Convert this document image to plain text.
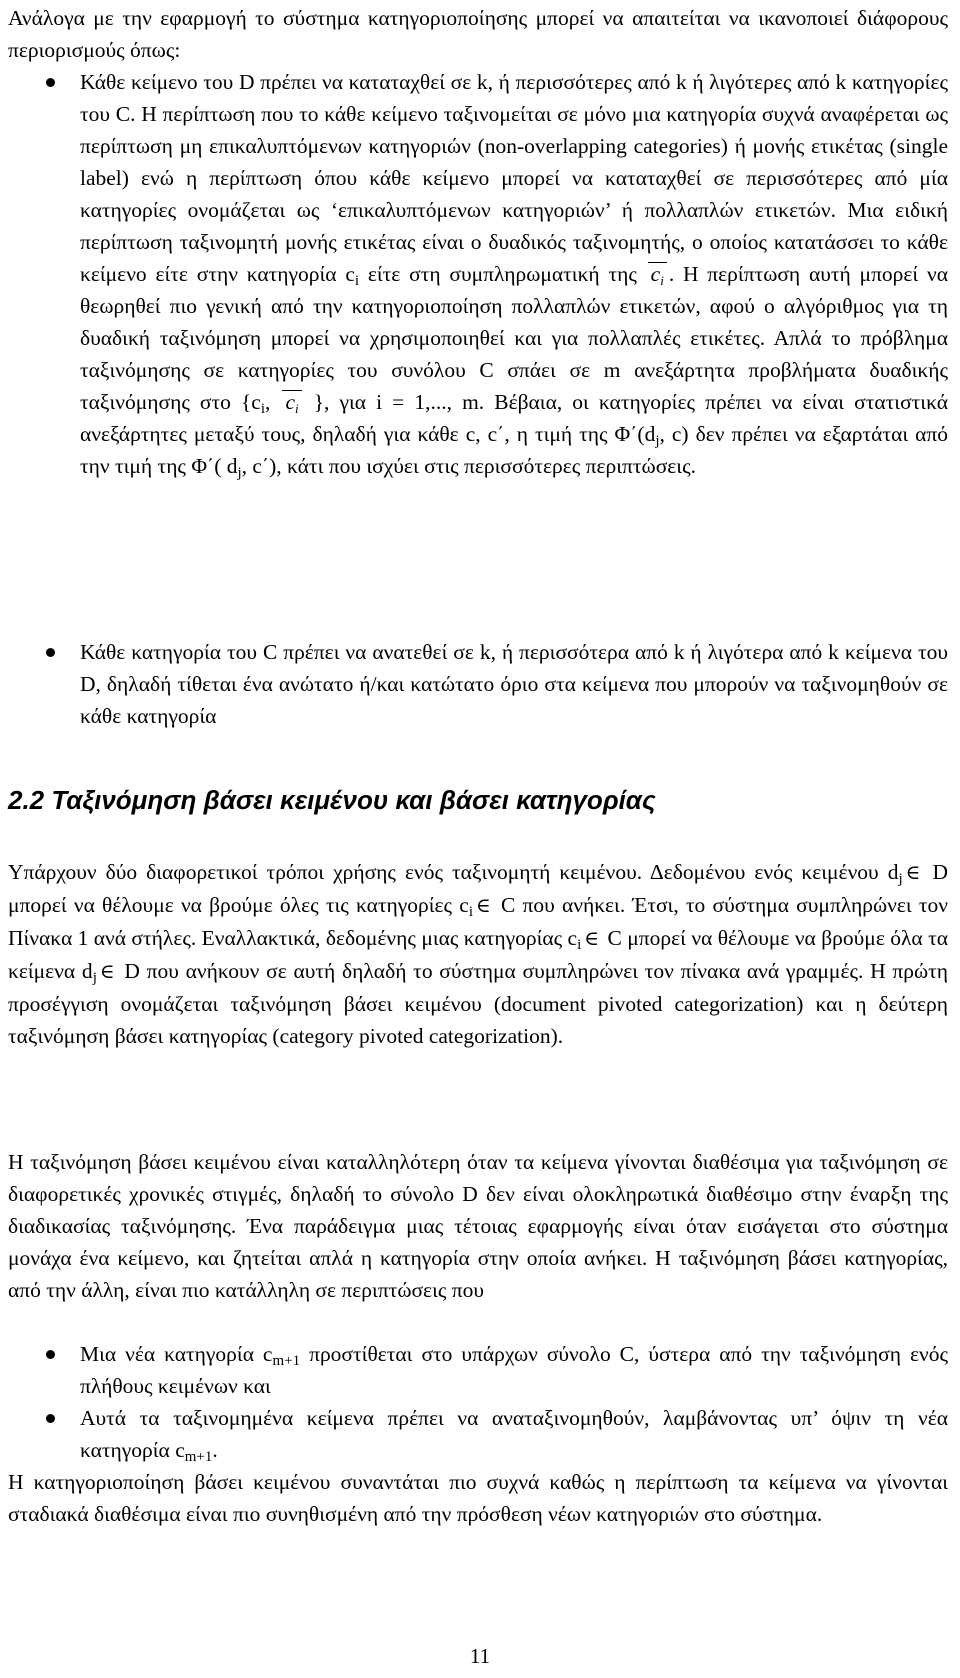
Ανάλογα με την εφαρμογή το σύστημα κατηγοριοποίησης μπορεί να απαιτείται να ικανοποιεί διάφορους περιορισμούς όπως:
Κάθε κείμενο του D πρέπει να καταταχθεί σε k, ή περισσότερες από k ή λιγότερες από k κατηγορίες του C. Η περίπτωση που το κάθε κείμενο ταξινομείται σε μόνο μια κατηγορία συχνά αναφέρεται ως περίπτωση μη επικαλυπτόμενων κατηγοριών (non-overlapping categories) ή μονής ετικέτας (single label) ενώ η περίπτωση όπου κάθε κείμενο μπορεί να καταταχθεί σε περισσότερες από μία κατηγορίες ονομάζεται ως ‘επικαλυπτόμενων κατηγοριών’ ή πολλαπλών ετικετών. Μια ειδική περίπτωση ταξινομητή μονής ετικέτας είναι ο δυαδικός ταξινομητής, ο οποίος κατατάσσει το κάθε κείμενο είτε στην κατηγορία $c_i$ είτε στη συμπληρωματική της $c_i$ . Η περίπτωση αυτή μπορεί να θεωρηθεί πιο γενική από την κατηγοριοποίηση πολλαπλών ετικετών, αφού ο αλγόριθμος για τη δυαδική ταξινόμηση μπορεί να χρησιμοποιηθεί και για πολλαπλές ετικέτες. Απλά το πρόβλημα ταξινόμησης σε κατηγορίες του συνόλου C σπάει σε m ανεξάρτητα προβλήματα δυαδικής ταξινόμησης στο {$c_i$, $c_i$ }, για i = 1,..., m. Βέβαια, οι κατηγορίες πρέπει να είναι στατιστικά ανεξάρτητες μεταξύ τους, δηλαδή για κάθε c, c΄, η τιμή της $\Phi΄(d_j$, c) δεν πρέπει να εξαρτάται από την τιμή της Φ΄( $d_j$, c΄), κάτι που ισχύει στις περισσότερες περιπτώσεις.
Κάθε κατηγορία του C πρέπει να ανατεθεί σε k, ή περισσότερα από k ή λιγότερα από k κείμενα του D, δηλαδή τίθεται ένα ανώτατο ή/και κατώτατο όριο στα κείμενα που μπορούν να ταξινομηθούν σε κάθε κατηγορία
2.2 Ταξινόμηση βάσει κειμένου και βάσει κατηγορίας
Υπάρχουν δύο διαφορετικοί τρόποι χρήσης ενός ταξινομητή κειμένου. Δεδομένου ενός κειμένου $d_j$ ∈ D μπορεί να θέλουμε να βρούμε όλες τις κατηγορίες $c_i$ ∈ C που ανήκει. Έτσι, το σύστημα συμπληρώνει τον Πίνακα 1 ανά στήλες. Εναλλακτικά, δεδομένης μιας κατηγορίας $c_i$ ∈ C μπορεί να θέλουμε να βρούμε όλα τα κείμενα $d_j$ ∈ D που ανήκουν σε αυτή δηλαδή το σύστημα συμπληρώνει τον πίνακα ανά γραμμές. Η πρώτη προσέγγιση ονομάζεται ταξινόμηση βάσει κειμένου (document pivoted categorization) και η δεύτερη ταξινόμηση βάσει κατηγορίας (category pivoted categorization).
Η ταξινόμηση βάσει κειμένου είναι καταλληλότερη όταν τα κείμενα γίνονται διαθέσιμα για ταξινόμηση σε διαφορετικές χρονικές στιγμές, δηλαδή το σύνολο D δεν είναι ολοκληρωτικά διαθέσιμο στην έναρξη της διαδικασίας ταξινόμησης. Ένα παράδειγμα μιας τέτοιας εφαρμογής είναι όταν εισάγεται στο σύστημα μονάχα ένα κείμενο, και ζητείται απλά η κατηγορία στην οποία ανήκει. Η ταξινόμηση βάσει κατηγορίας, από την άλλη, είναι πιο κατάλληλη σε περιπτώσεις που
Μια νέα κατηγορία $c_{m+1}$ προστίθεται στο υπάρχων σύνολο C, ύστερα από την ταξινόμηση ενός πλήθους κειμένων και
Αυτά τα ταξινομημένα κείμενα πρέπει να αναταξινομηθούν, λαμβάνοντας υπ’ όψιν τη νέα κατηγορία $c_{m+1}$.
Η κατηγοριοποίηση βάσει κειμένου συναντάται πιο συχνά καθώς η περίπτωση τα κείμενα να γίνονται σταδιακά διαθέσιμα είναι πιο συνηθισμένη από την πρόσθεση νέων κατηγοριών στο σύστημα.
11
